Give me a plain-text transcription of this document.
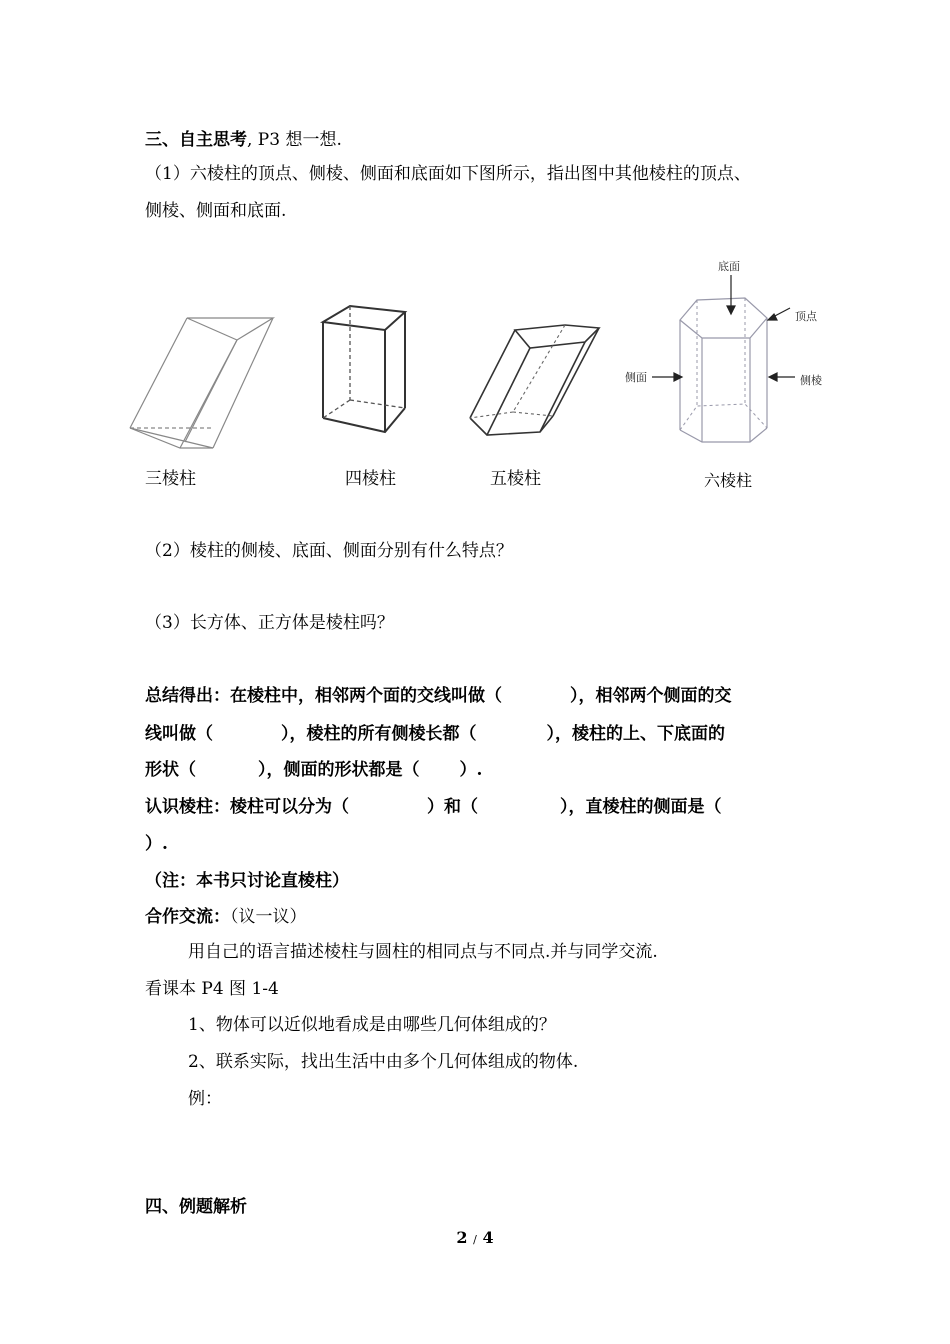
三、自主思考, P3 想一想.
（1）六棱柱的顶点、侧棱、侧面和底面如下图所示，指出图中其他棱柱的顶点、
侧棱、侧面和底面.
底面
顶点
侧面	侧棱
三棱柱	四棱柱	五棱柱	六棱柱
（2）棱柱的侧棱、底面、侧面分别有什么特点？
（3）长方体、正方体是棱柱吗？
总结得出：在棱柱中，相邻两个面的交线叫做（	），相邻两个侧面的交
线叫做（	），棱柱的所有侧棱长都（	），棱柱的上、下底面的
形状（	），侧面的形状都是（ ）.
认识棱柱：棱柱可以分为（	）和（	），直棱柱的侧面是（
）.
（注：本书只讨论直棱柱）
合作交流：（议一议）
用自己的语言描述棱柱与圆柱的相同点与不同点.并与同学交流.
看课本 P4 图 1-4
1、物体可以近似地看成是由哪些几何体组成的？
2、联系实际，找出生活中由多个几何体组成的物体.
例：
四、例题解析
2 / 4
